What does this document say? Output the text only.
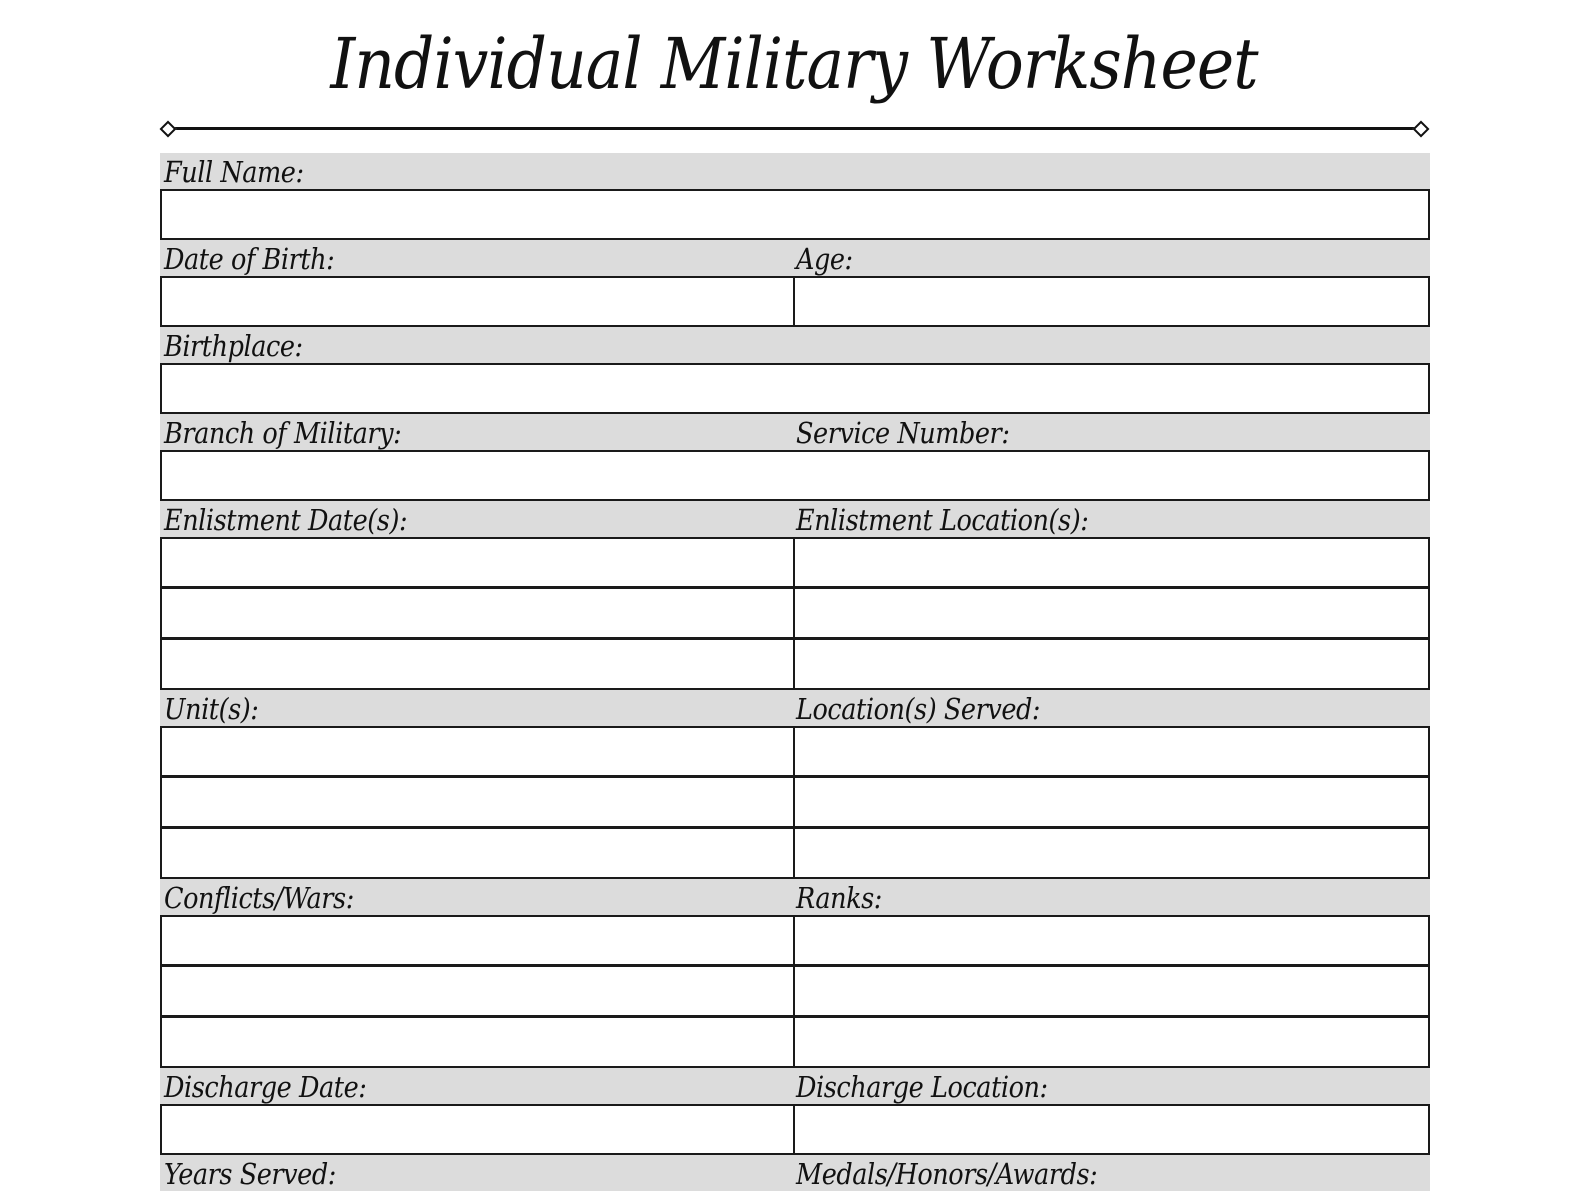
Individual Military Worksheet
Full Name:
Date of Birth:	Age:
Birthplace:
Branch of Military:	Service Number:
Enlistment Date(s):	Enlistment Location(s):
Unit(s):	Location(s) Served:
Conflicts/Wars:	Ranks:
Discharge Date:	Discharge Location:
Years Served:	Medals/Honors/Awards:
